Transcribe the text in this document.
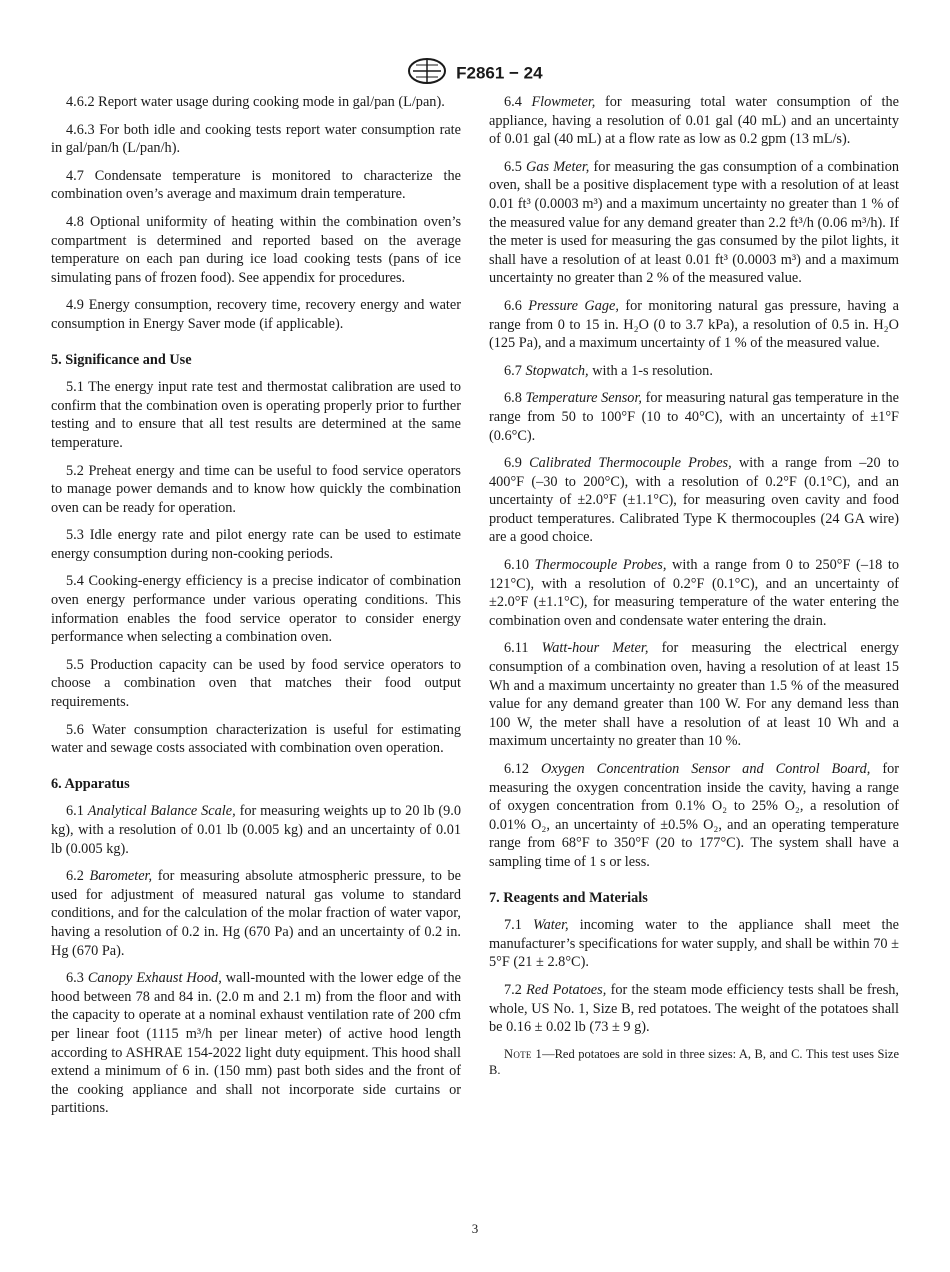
F2861 − 24

4.6.2 Report water usage during cooking mode in gal/pan (L/pan).

4.6.3 For both idle and cooking tests report water consumption rate in gal/pan/h (L/pan/h).

4.7 Condensate temperature is monitored to characterize the combination oven’s average and maximum drain temperature.

4.8 Optional uniformity of heating within the combination oven’s compartment is determined and reported based on the average temperature on each pan during ice load cooking tests (pans of ice simulating pans of frozen food). See appendix for procedures.

4.9 Energy consumption, recovery time, recovery energy and water consumption in Energy Saver mode (if applicable).

5. Significance and Use

5.1 The energy input rate test and thermostat calibration are used to confirm that the combination oven is operating properly prior to further testing and to ensure that all test results are determined at the same temperature.

5.2 Preheat energy and time can be useful to food service operators to manage power demands and to know how quickly the combination oven can be ready for operation.

5.3 Idle energy rate and pilot energy rate can be used to estimate energy consumption during non-cooking periods.

5.4 Cooking-energy efficiency is a precise indicator of combination oven energy performance under various operating conditions. This information enables the food service operator to consider energy performance when selecting a combination oven.

5.5 Production capacity can be used by food service operators to choose a combination oven that matches their food output requirements.

5.6 Water consumption characterization is useful for estimating water and sewage costs associated with combination oven operation.

6. Apparatus

6.1 Analytical Balance Scale, for measuring weights up to 20 lb (9.0 kg), with a resolution of 0.01 lb (0.005 kg) and an uncertainty of 0.01 lb (0.005 kg).

6.2 Barometer, for measuring absolute atmospheric pressure, to be used for adjustment of measured natural gas volume to standard conditions, and for the calculation of the molar fraction of water vapor, having a resolution of 0.2 in. Hg (670 Pa) and an uncertainty of 0.2 in. Hg (670 Pa).

6.3 Canopy Exhaust Hood, wall-mounted with the lower edge of the hood between 78 and 84 in. (2.0 m and 2.1 m) from the floor and with the capacity to operate at a nominal exhaust ventilation rate of 200 cfm per linear foot (1115 m³/h per linear meter) of active hood length according to ASHRAE 154-2022 light duty equipment. This hood shall extend a minimum of 6 in. (150 mm) past both sides and the front of the cooking appliance and shall not incorporate side curtains or partitions.

6.4 Flowmeter, for measuring total water consumption of the appliance, having a resolution of 0.01 gal (40 mL) and an uncertainty of 0.01 gal (40 mL) at a flow rate as low as 0.2 gpm (13 mL/s).

6.5 Gas Meter, for measuring the gas consumption of a combination oven, shall be a positive displacement type with a resolution of at least 0.01 ft³ (0.0003 m³) and a maximum uncertainty no greater than 1 % of the measured value for any demand greater than 2.2 ft³/h (0.06 m³/h). If the meter is used for measuring the gas consumed by the pilot lights, it shall have a resolution of at least 0.01 ft³ (0.0003 m³) and a maximum uncertainty no greater than 2 % of the measured value.

6.6 Pressure Gage, for monitoring natural gas pressure, having a range from 0 to 15 in. H₂O (0 to 3.7 kPa), a resolution of 0.5 in. H₂O (125 Pa), and a maximum uncertainty of 1 % of the measured value.

6.7 Stopwatch, with a 1-s resolution.

6.8 Temperature Sensor, for measuring natural gas temperature in the range from 50 to 100°F (10 to 40°C), with an uncertainty of ±1°F (0.6°C).

6.9 Calibrated Thermocouple Probes, with a range from –20 to 400°F (–30 to 200°C), with a resolution of 0.2°F (0.1°C), and an uncertainty of ±2.0°F (±1.1°C), for measuring oven cavity and food product temperatures. Calibrated Type K thermocouples (24 GA wire) are a good choice.

6.10 Thermocouple Probes, with a range from 0 to 250°F (–18 to 121°C), with a resolution of 0.2°F (0.1°C), and an uncertainty of ±2.0°F (±1.1°C), for measuring temperature of the water entering the combination oven and condensate water entering the drain.

6.11 Watt-hour Meter, for measuring the electrical energy consumption of a combination oven, having a resolution of at least 15 Wh and a maximum uncertainty no greater than 1.5 % of the measured value for any demand greater than 100 W. For any demand less than 100 W, the meter shall have a resolution of at least 10 Wh and a maximum uncertainty no greater than 10 %.

6.12 Oxygen Concentration Sensor and Control Board, for measuring the oxygen concentration inside the cavity, having a range of oxygen concentration from 0.1% O₂ to 25% O₂, a resolution of 0.01% O₂, an uncertainty of ±0.5% O₂, and an operating temperature range from 68°F to 350°F (20 to 177°C). The system shall have a sampling time of 1 s or less.

7. Reagents and Materials

7.1 Water, incoming water to the appliance shall meet the manufacturer’s specifications for water supply, and shall be within 70 ± 5°F (21 ± 2.8°C).

7.2 Red Potatoes, for the steam mode efficiency tests shall be fresh, whole, US No. 1, Size B, red potatoes. The weight of the potatoes shall be 0.16 ± 0.02 lb (73 ± 9 g).

Note 1—Red potatoes are sold in three sizes: A, B, and C. This test uses Size B.
3
